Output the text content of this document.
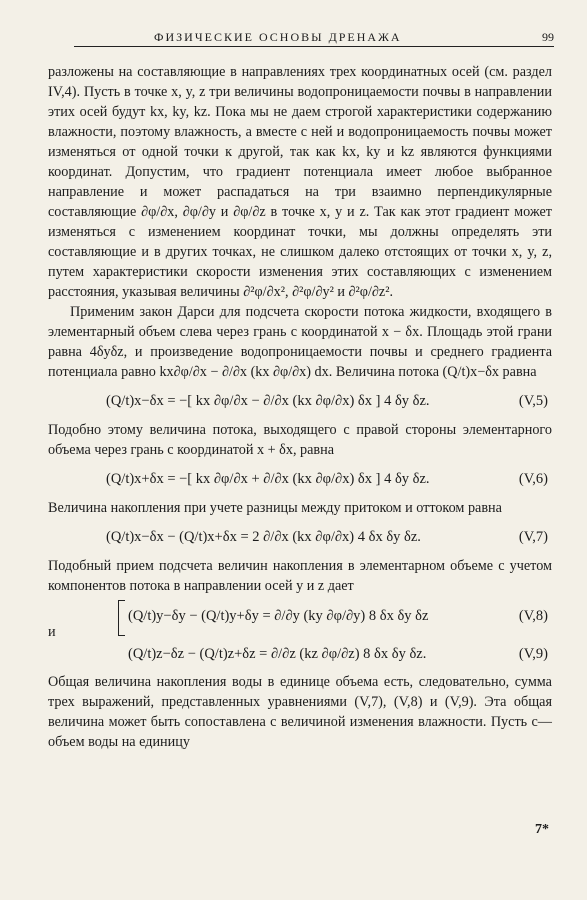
ФИЗИЧЕСКИЕ ОСНОВЫ ДРЕНАЖА	99

разложены на составляющие в направлениях трех координатных осей (см. раздел IV,4). Пусть в точке x, y, z три величины водопроницаемости почвы в направлении этих осей будут kx, ky, kz. Пока мы не даем строгой характеристики содержанию влажности, поэтому влажность, а вместе с ней и водопроницаемость почвы может изменяться от одной точки к другой, так как kx, ky и kz являются функциями координат. Допустим, что градиент потенциала имеет любое выбранное направление и может распадаться на три взаимно перпендикулярные составляющие ∂φ/∂x, ∂φ/∂y и ∂φ/∂z в точке x, y и z. Так как этот градиент может изменяться с изменением координат точки, мы должны определять эти составляющие и в других точках, не слишком далеко отстоящих от точки x, y, z, путем характеристики скорости изменения этих составляющих с изменением расстояния, указывая величины ∂²φ/∂x², ∂²φ/∂y² и ∂²φ/∂z².

Применим закон Дарси для подсчета скорости потока жидкости, входящего в элементарный объем слева через грань с координатой x − δx. Площадь этой грани равна 4δyδz, и произведение водопроницаемости почвы и среднего градиента потенциала равно kx∂φ/∂x − ∂/∂x (kx ∂φ/∂x) dx. Величина потока (Q/t)x−δx равна

(Q/t)x−δx = −[ kx ∂φ/∂x − ∂/∂x (kx ∂φ/∂x) δx ] 4 δy δz.	(V,5)

Подобно этому величина потока, выходящего с правой стороны элементарного объема через грань с координатой x + δx, равна

(Q/t)x+δx = −[ kx ∂φ/∂x + ∂/∂x (kx ∂φ/∂x) δx ] 4 δy δz.	(V,6)

Величина накопления при учете разницы между притоком и оттоком равна

(Q/t)x−δx − (Q/t)x+δx = 2 ∂/∂x (kx ∂φ/∂x) 4 δx δy δz.	(V,7)

Подобный прием подсчета величин накопления в элементарном объеме с учетом компонентов потока в направлении осей y и z дает

и
(Q/t)y−δy − (Q/t)y+δy = ∂/∂y (ky ∂φ/∂y) 8 δx δy δz	(V,8)
(Q/t)z−δz − (Q/t)z+δz = ∂/∂z (kz ∂φ/∂z) 8 δx δy δz.	(V,9)

Общая величина накопления воды в единице объема есть, следовательно, сумма трех выражений, представленных уравнениями (V,7), (V,8) и (V,9). Эта общая величина может быть сопоставлена с величиной изменения влажности. Пусть c—объем воды на единицу

7*
